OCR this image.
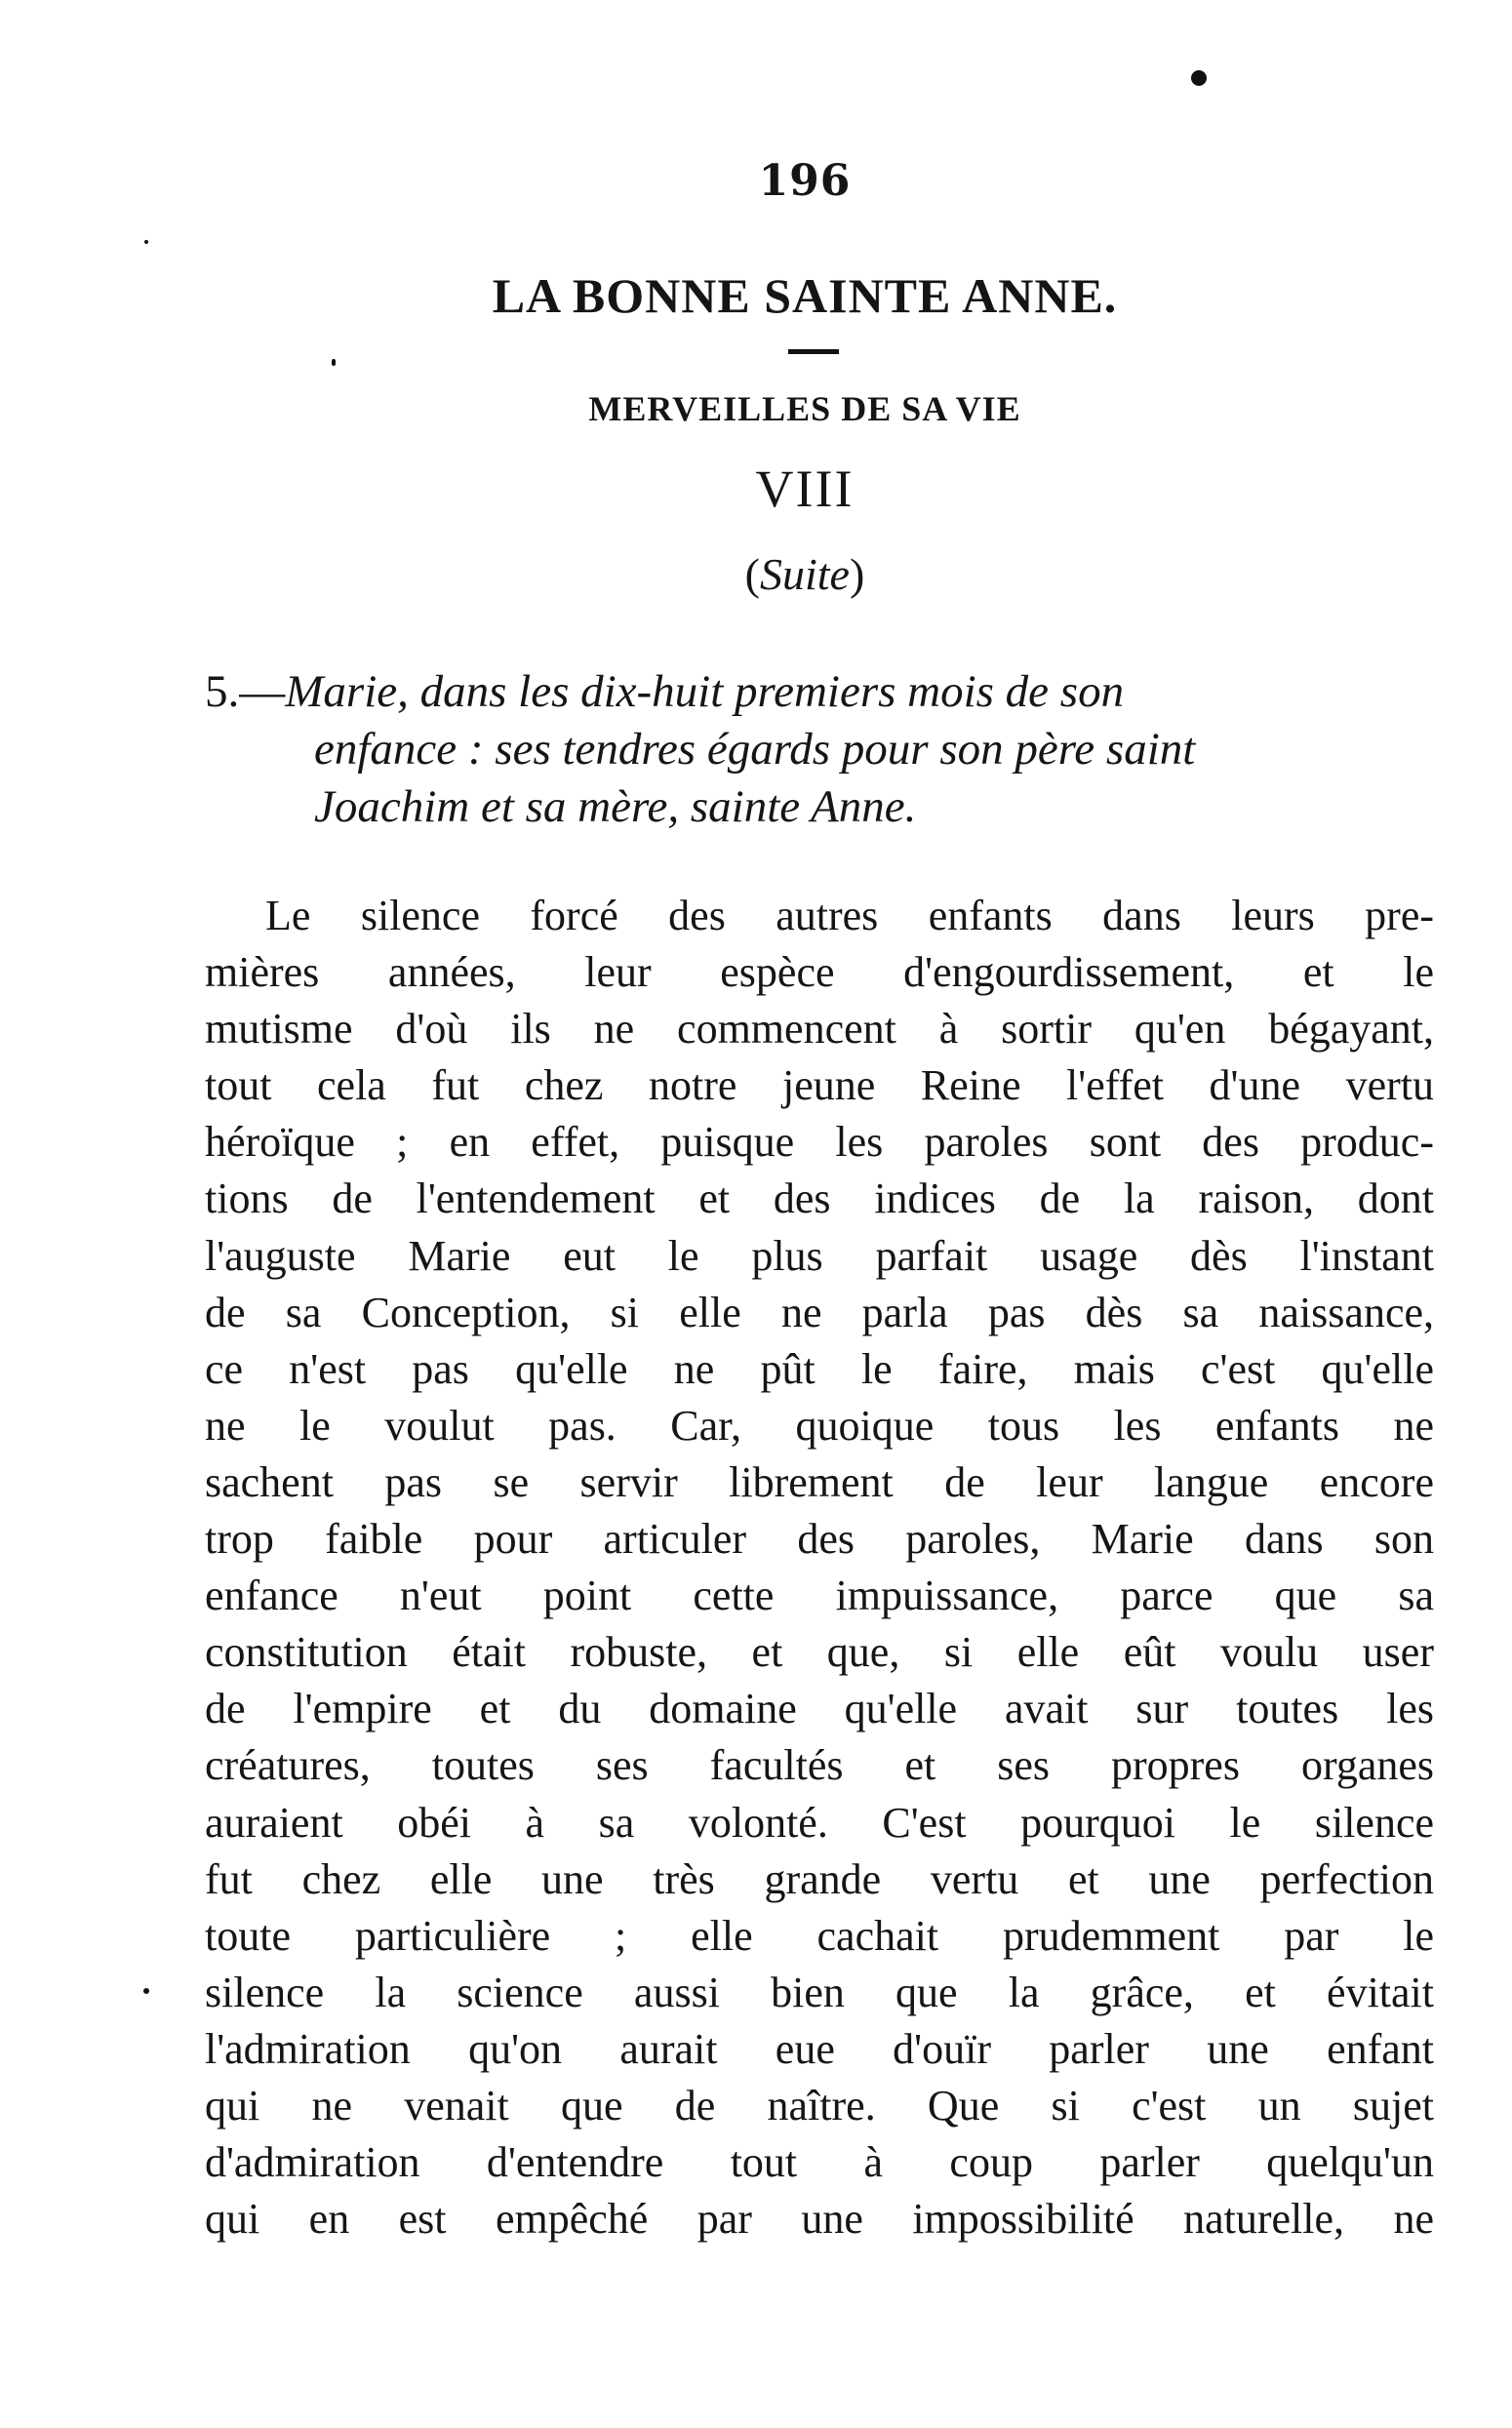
196
LA BONNE SAINTE ANNE.
MERVEILLES DE SA VIE
VIII
(Suite)
5.—Marie, dans les dix-huit premiers mois de son
enfance : ses tendres égards pour son père saint
Joachim et sa mère, sainte Anne.
Le silence forcé des autres enfants dans leurs pre-
mières années, leur espèce d'engourdissement, et le
mutisme d'où ils ne commencent à sortir qu'en bégayant,
tout cela fut chez notre jeune Reine l'effet d'une vertu
héroïque ; en effet, puisque les paroles sont des produc-
tions de l'entendement et des indices de la raison, dont
l'auguste Marie eut le plus parfait usage dès l'instant
de sa Conception, si elle ne parla pas dès sa naissance,
ce n'est pas qu'elle ne pût le faire, mais c'est qu'elle
ne le voulut pas. Car, quoique tous les enfants ne
sachent pas se servir librement de leur langue encore
trop faible pour articuler des paroles, Marie dans son
enfance n'eut point cette impuissance, parce que sa
constitution était robuste, et que, si elle eût voulu user
de l'empire et du domaine qu'elle avait sur toutes les
créatures, toutes ses facultés et ses propres organes
auraient obéi à sa volonté. C'est pourquoi le silence
fut chez elle une très grande vertu et une perfection
toute particulière ; elle cachait prudemment par le
silence la science aussi bien que la grâce, et évitait
l'admiration qu'on aurait eue d'ouïr parler une enfant
qui ne venait que de naître. Que si c'est un sujet
d'admiration d'entendre tout à coup parler quelqu'un
qui en est empêché par une impossibilité naturelle, ne
